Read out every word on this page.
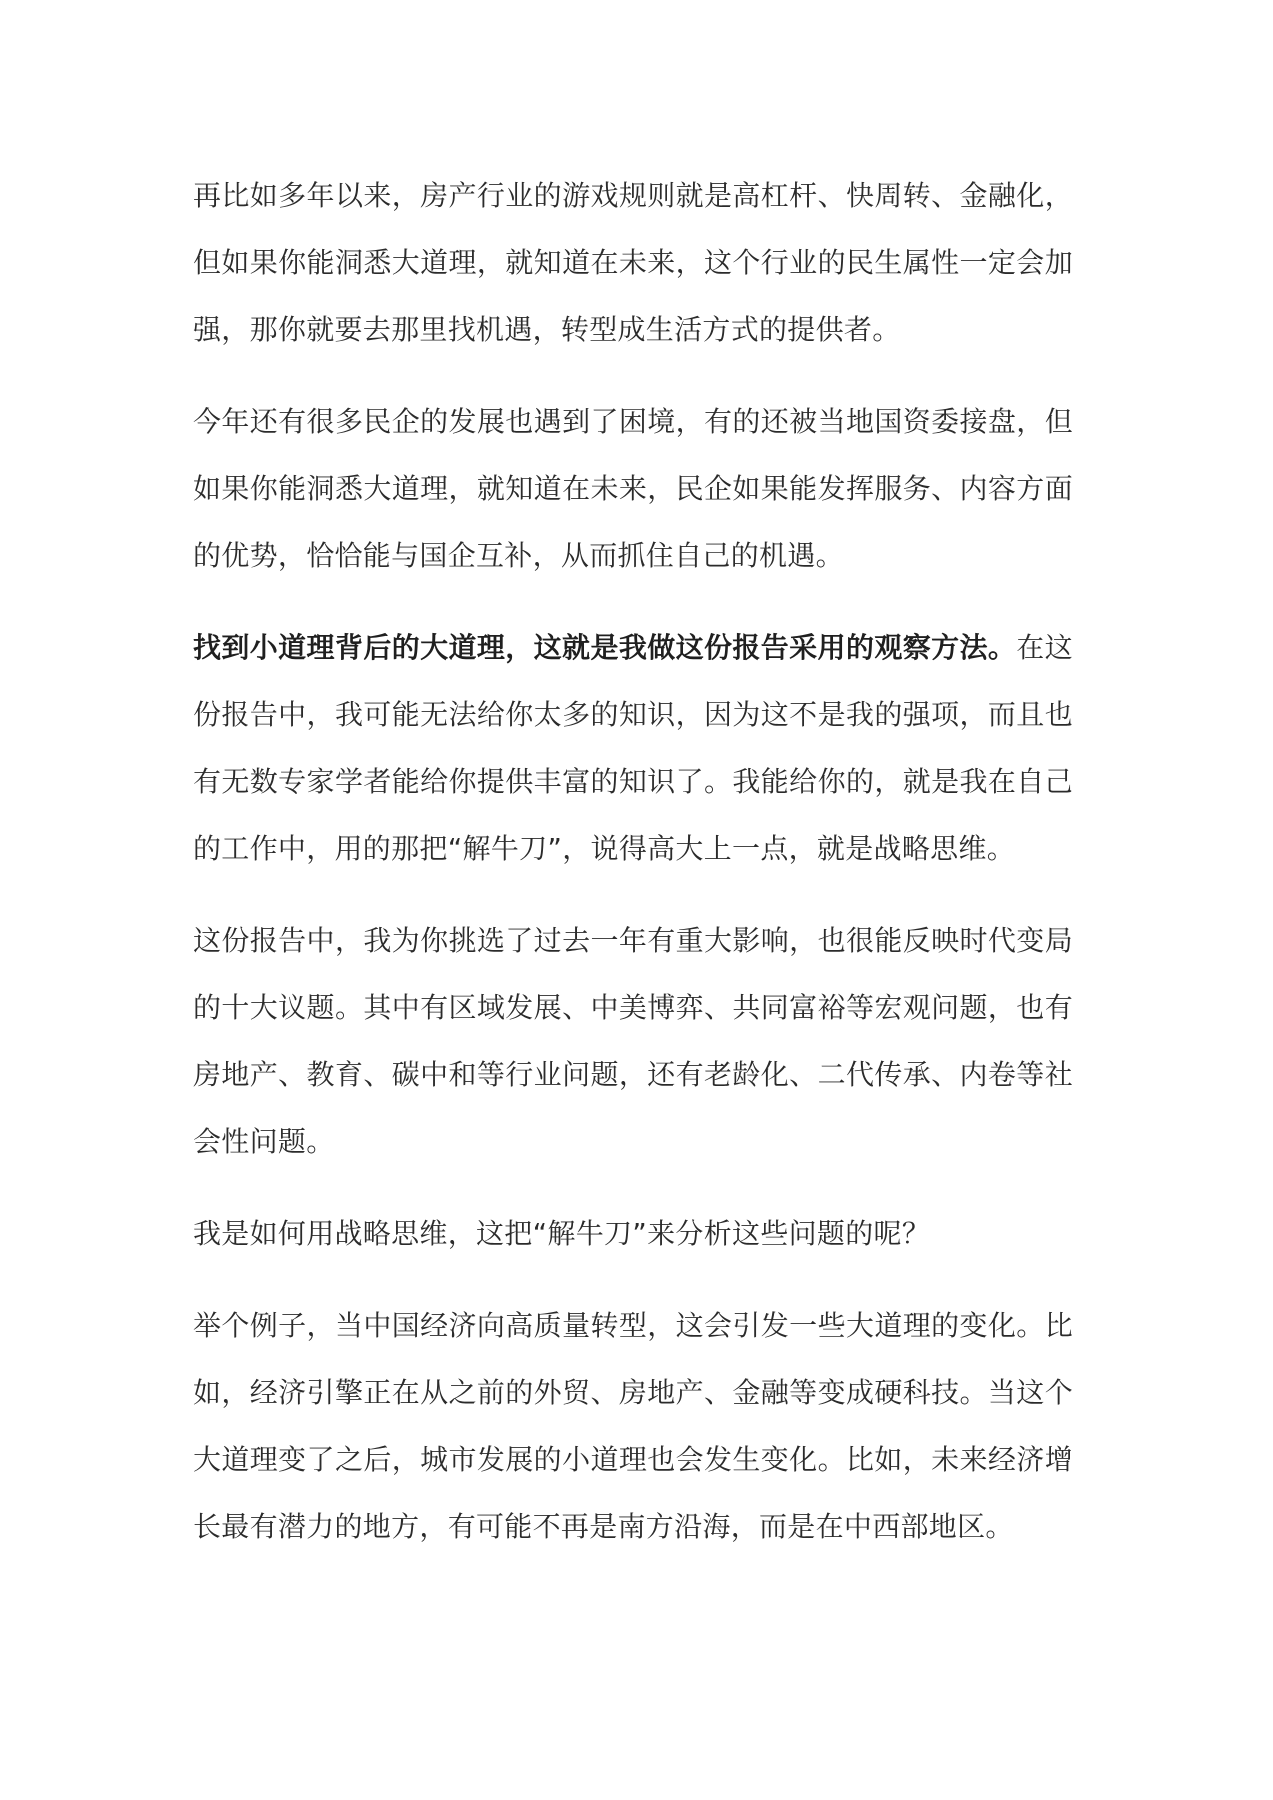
再比如多年以来，房产行业的游戏规则就是高杠杆、快周转、金融化，但如果你能洞悉大道理，就知道在未来，这个行业的民生属性一定会加强，那你就要去那里找机遇，转型成生活方式的提供者。

今年还有很多民企的发展也遇到了困境，有的还被当地国资委接盘，但如果你能洞悉大道理，就知道在未来，民企如果能发挥服务、内容方面的优势，恰恰能与国企互补，从而抓住自己的机遇。

找到小道理背后的大道理，这就是我做这份报告采用的观察方法。在这份报告中，我可能无法给你太多的知识，因为这不是我的强项，而且也有无数专家学者能给你提供丰富的知识了。我能给你的，就是我在自己的工作中，用的那把“解牛刀”，说得高大上一点，就是战略思维。

这份报告中，我为你挑选了过去一年有重大影响，也很能反映时代变局的十大议题。其中有区域发展、中美博弈、共同富裕等宏观问题，也有房地产、教育、碳中和等行业问题，还有老龄化、二代传承、内卷等社会性问题。

我是如何用战略思维，这把“解牛刀”来分析这些问题的呢？

举个例子，当中国经济向高质量转型，这会引发一些大道理的变化。比如，经济引擎正在从之前的外贸、房地产、金融等变成硬科技。当这个大道理变了之后，城市发展的小道理也会发生变化。比如，未来经济增长最有潜力的地方，有可能不再是南方沿海，而是在中西部地区。
